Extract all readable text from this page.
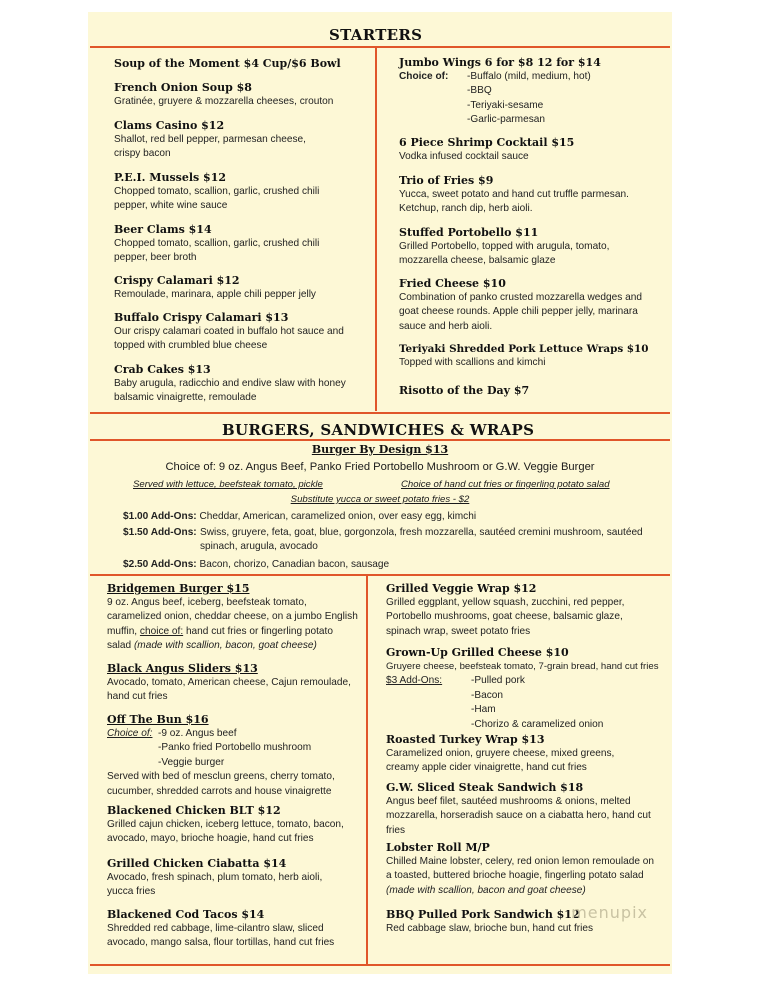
STARTERS
Soup of the Moment $4 Cup/$6 Bowl
French Onion Soup $8
Gratinée, gruyere & mozzarella cheeses, crouton
Clams Casino $12
Shallot, red bell pepper, parmesan cheese, crispy bacon
P.E.I. Mussels $12
Chopped tomato, scallion, garlic, crushed chili pepper, white wine sauce
Beer Clams $14
Chopped tomato, scallion, garlic, crushed chili pepper, beer broth
Crispy Calamari $12
Remoulade, marinara, apple chili pepper jelly
Buffalo Crispy Calamari $13
Our crispy calamari coated in buffalo hot sauce and topped with crumbled blue cheese
Crab Cakes $13
Baby arugula, radicchio and endive slaw with honey balsamic vinaigrette, remoulade
Jumbo Wings 6 for $8 12 for $14
Choice of:	-Buffalo (mild, medium, hot)
-BBQ
-Teriyaki-sesame
-Garlic-parmesan
6 Piece Shrimp Cocktail $15
Vodka infused cocktail sauce
Trio of Fries $9
Yucca, sweet potato and hand cut truffle parmesan. Ketchup, ranch dip, herb aioli.
Stuffed Portobello $11
Grilled Portobello, topped with arugula, tomato, mozzarella cheese, balsamic glaze
Fried Cheese $10
Combination of panko crusted mozzarella wedges and goat cheese rounds. Apple chili pepper jelly, marinara sauce and herb aioli.
Teriyaki Shredded Pork Lettuce Wraps $10
Topped with scallions and kimchi
Risotto of the Day $7
BURGERS, SANDWICHES & WRAPS
Burger By Design $13
Choice of: 9 oz. Angus Beef, Panko Fried Portobello Mushroom or G.W. Veggie Burger
Served with lettuce, beefsteak tomato, pickle	Choice of hand cut fries or fingerling potato salad
Substitute yucca or sweet potato fries - $2
$1.00 Add-Ons: Cheddar, American, caramelized onion, over easy egg, kimchi
$1.50 Add-Ons: Swiss, gruyere, feta, goat, blue, gorgonzola, fresh mozzarella, sautéed cremini mushroom, sautéed spinach, arugula, avocado
$2.50 Add-Ons: Bacon, chorizo, Canadian bacon, sausage
Bridgemen Burger $15
9 oz. Angus beef, iceberg, beefsteak tomato, caramelized onion, cheddar cheese, on a jumbo English muffin, choice of: hand cut fries or fingerling potato salad (made with scallion, bacon, goat cheese)
Black Angus Sliders $13
Avocado, tomato, American cheese, Cajun remoulade, hand cut fries
Off The Bun $16
Choice of: -9 oz. Angus beef
-Panko fried Portobello mushroom
-Veggie burger
Served with bed of mesclun greens, cherry tomato, cucumber, shredded carrots and house vinaigrette
Blackened Chicken BLT $12
Grilled cajun chicken, iceberg lettuce, tomato, bacon, avocado, mayo, brioche hoagie, hand cut fries
Grilled Chicken Ciabatta $14
Avocado, fresh spinach, plum tomato, herb aioli, yucca fries
Blackened Cod Tacos $14
Shredded red cabbage, lime-cilantro slaw, sliced avocado, mango salsa, flour tortillas, hand cut fries
Grilled Veggie Wrap $12
Grilled eggplant, yellow squash, zucchini, red pepper, Portobello mushrooms, goat cheese, balsamic glaze, spinach wrap, sweet potato fries
Grown-Up Grilled Cheese $10
Gruyere cheese, beefsteak tomato, 7-grain bread, hand cut fries
$3 Add-Ons:	-Pulled pork
-Bacon
-Ham
-Chorizo & caramelized onion
Roasted Turkey Wrap $13
Caramelized onion, gruyere cheese, mixed greens, creamy apple cider vinaigrette, hand cut fries
G.W. Sliced Steak Sandwich $18
Angus beef filet, sautéed mushrooms & onions, melted mozzarella, horseradish sauce on a ciabatta hero, hand cut fries
Lobster Roll M/P
Chilled Maine lobster, celery, red onion lemon remoulade on a toasted, buttered brioche hoagie, fingerling potato salad (made with scallion, bacon and goat cheese)
BBQ Pulled Pork Sandwich $12
Red cabbage slaw, brioche bun, hand cut fries
menupix
